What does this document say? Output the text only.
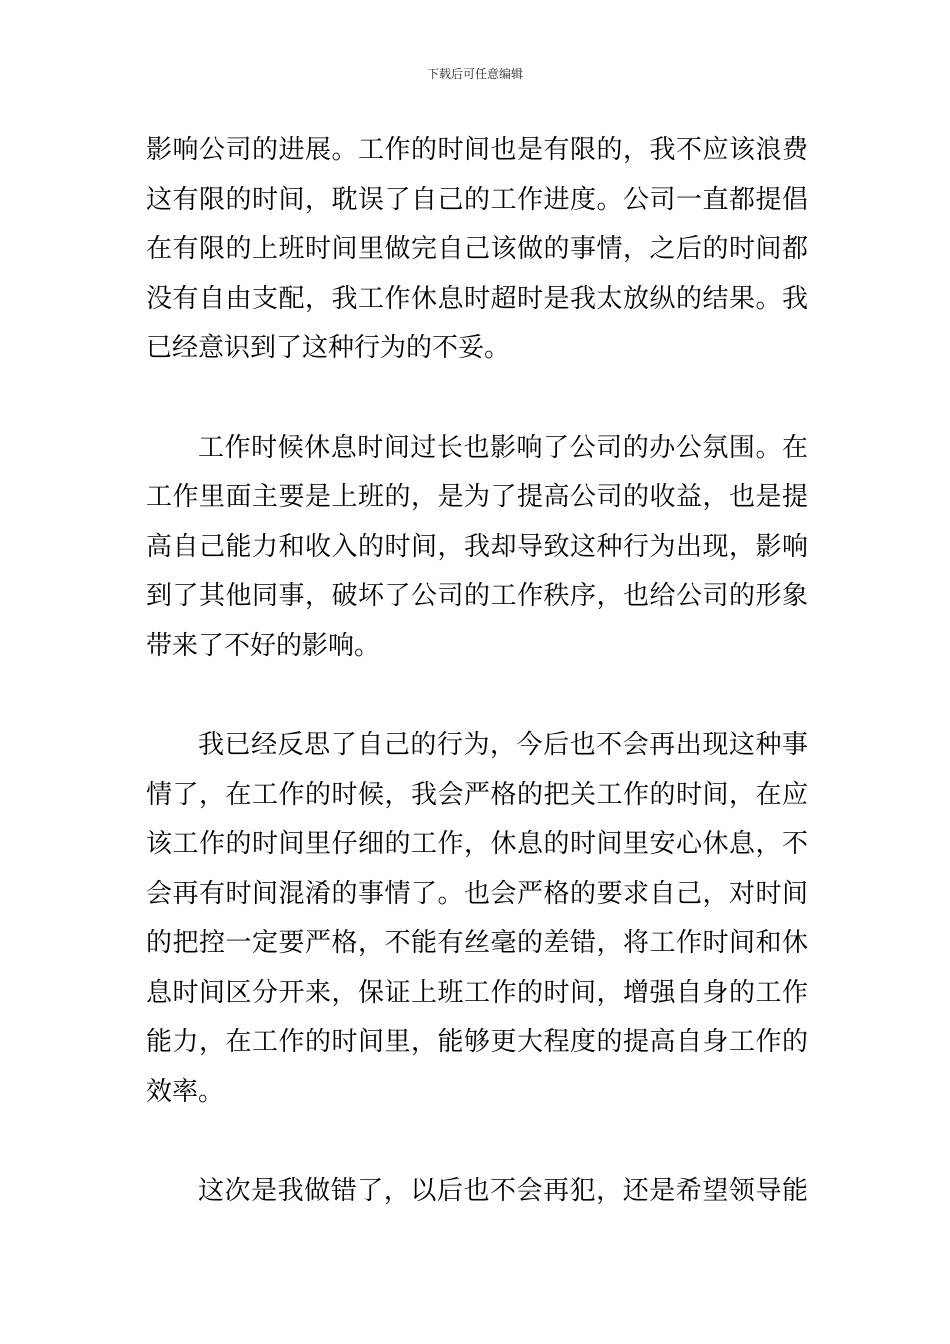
下载后可任意编辑
影响公司的进展。工作的时间也是有限的，我不应该浪费
这有限的时间，耽误了自己的工作进度。公司一直都提倡
在有限的上班时间里做完自己该做的事情，之后的时间都
没有自由支配，我工作休息时超时是我太放纵的结果。我
已经意识到了这种行为的不妥。
工作时候休息时间过长也影响了公司的办公氛围。在
工作里面主要是上班的，是为了提高公司的收益，也是提
高自己能力和收入的时间，我却导致这种行为出现，影响
到了其他同事，破坏了公司的工作秩序，也给公司的形象
带来了不好的影响。
我已经反思了自己的行为，今后也不会再出现这种事
情了，在工作的时候，我会严格的把关工作的时间，在应
该工作的时间里仔细的工作，休息的时间里安心休息，不
会再有时间混淆的事情了。也会严格的要求自己，对时间
的把控一定要严格，不能有丝毫的差错，将工作时间和休
息时间区分开来，保证上班工作的时间，增强自身的工作
能力，在工作的时间里，能够更大程度的提高自身工作的
效率。
这次是我做错了，以后也不会再犯，还是希望领导能
